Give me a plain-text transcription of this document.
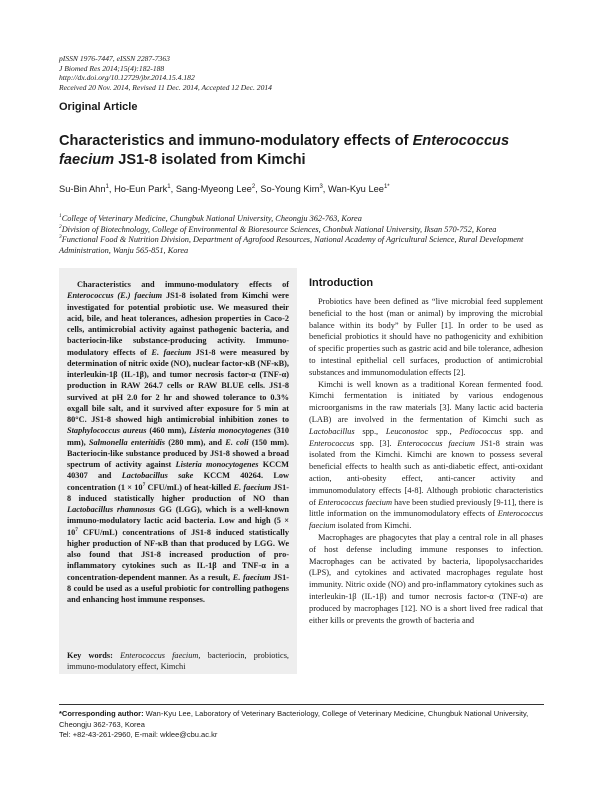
pISSN 1976-7447, eISSN 2287-7363
J Biomed Res 2014;15(4):182-188
http://dx.doi.org/10.12729/jbr.2014.15.4.182
Received 20 Nov. 2014, Revised 11 Dec. 2014, Accepted 12 Dec. 2014
Original Article
Characteristics and immuno-modulatory effects of Enterococcus faecium JS1-8 isolated from Kimchi
Su-Bin Ahn$^1$, Ho-Eun Park$^1$, Sang-Myeong Lee$^2$, So-Young Kim$^3$, Wan-Kyu Lee$^{1*}$
$^1$College of Veterinary Medicine, Chungbuk National University, Cheongju 362-763, Korea
$^2$Division of Biotechnology, College of Environmental & Bioresource Sciences, Chonbuk National University, Iksan 570-752, Korea
$^3$Functional Food & Nutrition Division, Department of Agrofood Resources, National Academy of Agricultural Science, Rural Development Administration, Wanju 565-851, Korea

Characteristics and immuno-modulatory effects of Enterococcus (E.) faecium JS1-8 isolated from Kimchi were investigated for potential probiotic use. We measured their acid, bile, and heat tolerances, adhesion properties in Caco-2 cells, antimicrobial activity against pathogenic bacteria, and bacteriocin-like substance-producing activity. Immuno-modulatory effects of E. faecium JS1-8 were measured by determination of nitric oxide (NO), nuclear factor-κB (NF-κB), interleukin-1β (IL-1β), and tumor necrosis factor-α (TNF-α) production in RAW 264.7 cells or RAW BLUE cells. JS1-8 survived at pH 2.0 for 2 hr and showed tolerance to 0.3% oxgall bile salt, and it survived after exposure for 5 min at 80°C. JS1-8 showed high antimicrobial inhibition zones to Staphylococcus aureus (460 mm), Listeria monocytogenes (310 mm), Salmonella enteritidis (280 mm), and E. coli (150 mm). Bacteriocin-like substance produced by JS1-8 showed a broad spectrum of activity against Listeria monocytogenes KCCM 40307 and Lactobacillus sake KCCM 40264. Low concentration ($1 \times 10^7$ CFU/mL) of heat-killed E. faecium JS1-8 induced statistically higher production of NO than Lactobacillus rhamnosus GG (LGG), which is a well-known immuno-modulatory lactic acid bacteria. Low and high ($5 \times 10^7$ CFU/mL) concentrations of JS1-8 induced statistically higher production of NF-κB than that produced by LGG. We also found that JS1-8 increased production of pro-inflammatory cytokines such as IL-1β and TNF-α in a concentration-dependent manner. As a result, E. faecium JS1-8 could be used as a useful probiotic for controlling pathogens and enhancing host immune responses.

Key words: Enterococcus faecium, bacteriocin, probiotics, immuno-modulatory effect, Kimchi
Introduction

Probiotics have been defined as “live microbial feed supplement beneficial to the host (man or animal) by improving the microbial balance within its body” by Fuller [1]. In order to be used as beneficial probiotics it should have no pathogenicity and exhibition of specific properties such as gastric acid and bile tolerance, adhesion to intestinal epithelial cell surfaces, production of antimicrobial substances and immunomodulation effects [2].

Kimchi is well known as a traditional Korean fermented food. Kimchi fermentation is initiated by various endogenous microorganisms in the raw materials [3]. Many lactic acid bacteria (LAB) are involved in the fermentation of Kimchi such as Lactobacillus spp., Leuconostoc spp., Pediococcus spp. and Enterococcus spp. [3]. Enterococcus faecium JS1-8 strain was isolated from the Kimchi. Kimchi are known to possess several beneficial effects to health such as anti-diabetic effect, anti-oxidant action, anti-obesity effect, anti-cancer activity and immunomodulatory effects [4-8]. Although probiotic characteristics of Enterococcus faecium have been studied previously [9-11], there is little information on the immunomodulatory effects of Enterococcus faecium isolated from Kimchi.

Macrophages are phagocytes that play a central role in all phases of host defense including immune responses to infection. Macrophages can be activated by bacteria, lipopolysaccharides (LPS), and cytokines and activated macrophages regulate host immunity. Nitric oxide (NO) and pro-inflammatory cytokines such as interleukin-1β (IL-1β) and tumor necrosis factor-α (TNF-α) are produced by macrophages [12]. NO is a short lived free radical that either kills or prevents the growth of bacteria and

*Corresponding author: Wan-Kyu Lee, Laboratory of Veterinary Bacteriology, College of Veterinary Medicine, Chungbuk National University, Cheongju 362-763, Korea
Tel: +82-43-261-2960, E-mail: wklee@cbu.ac.kr
